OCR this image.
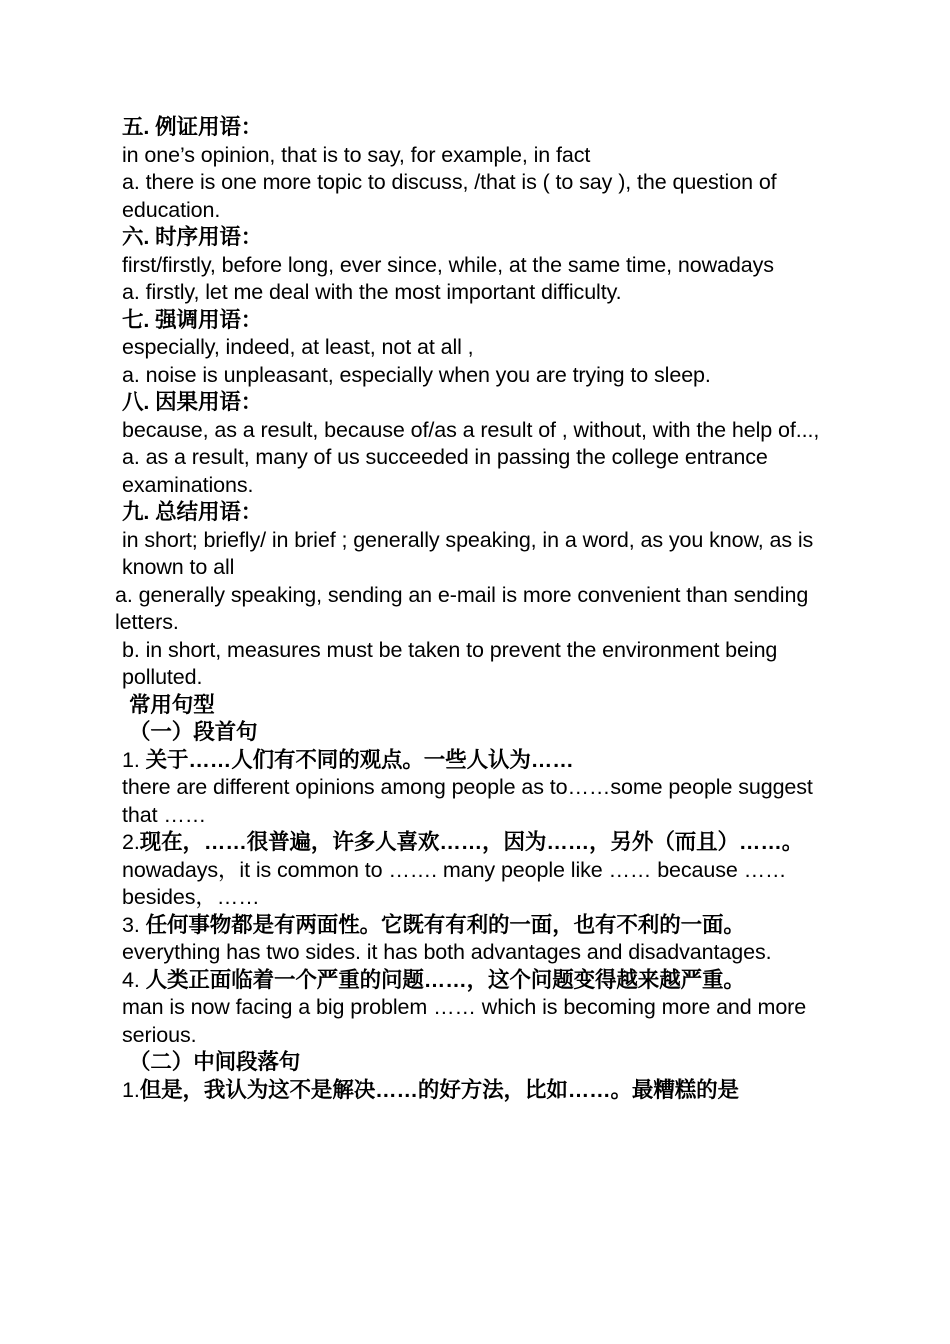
五. 例证用语：
in one’s opinion, that is to say, for example, in fact
a. there is one more topic to discuss, /that is ( to say ), the question of education.
六. 时序用语：
first/firstly, before long, ever since, while, at the same time, nowadays
a. firstly, let me deal with the most important difficulty.
七. 强调用语：
especially, indeed, at least, not at all ,
a. noise is unpleasant, especially when you are trying to sleep.
八. 因果用语：
because, as a result, because of/as a result of , without, with the help of...,
a. as a result, many of us succeeded in passing the college entrance examinations.
九. 总结用语：
in short; briefly/ in brief ; generally speaking, in a word, as you know, as is known to all
a. generally speaking, sending an e-mail is more convenient than sending letters.
b. in short, measures must be taken to prevent the environment being polluted.
常用句型
（一）段首句
1. 关于……人们有不同的观点。一些人认为……
there are different opinions among people as to……some people suggest that ……
2.现在，……很普遍，许多人喜欢……，因为……，另外（而且）……。
nowadays，it is common to ……. many people like …… because …… besides，……
3. 任何事物都是有两面性。它既有有利的一面，也有不利的一面。
everything has two sides. it has both advantages and disadvantages.
4. 人类正面临着一个严重的问题……，这个问题变得越来越严重。
man is now facing a big problem …… which is becoming more and more serious.
（二）中间段落句
1.但是，我认为这不是解决……的好方法，比如……。最糟糕的是
